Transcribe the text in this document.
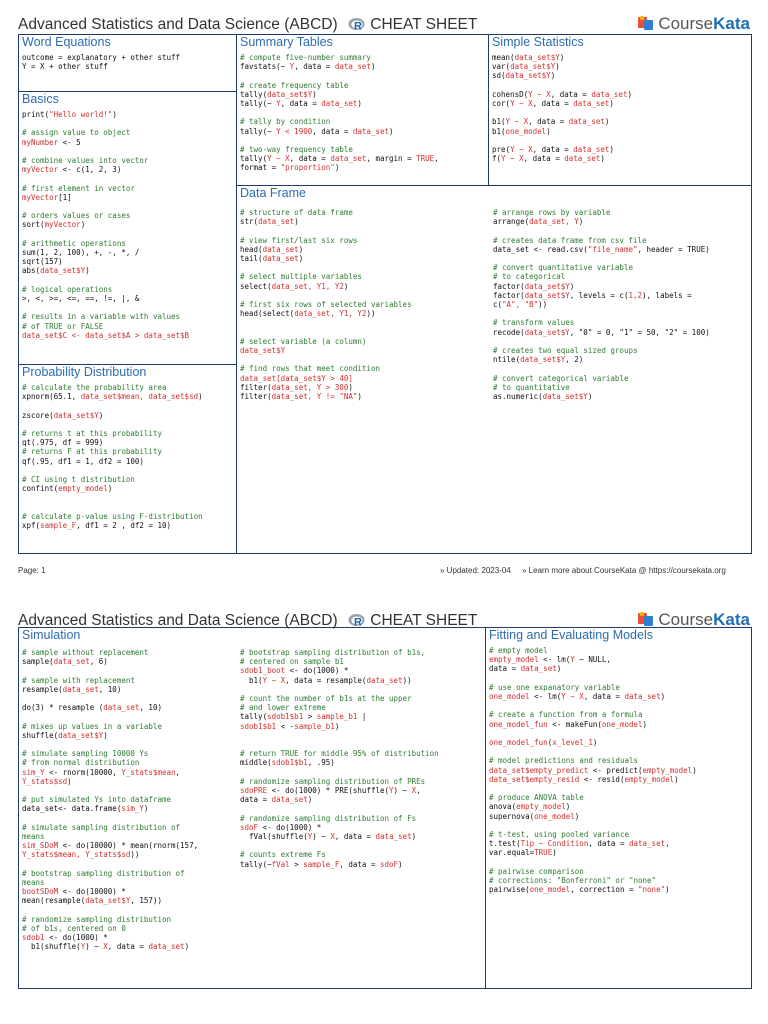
Advanced Statistics and Data Science (ABCD) R CHEAT SHEET	CourseKata
Word Equations
outcome = explanatory + other stuff
Y = X + other stuff
Basics
print("Hello world!")
# assign value to object
myNumber <- 5
# combine values into vector
myVector <- c(1, 2, 3)
# first element in vector
myVector[1]
# orders values or cases
sort(myVector)
# arithmetic operations
sum(1, 2, 100), +, -, *, /
sqrt(157)
abs(data_set$Y)
# logical operations
>, <, >=, <=, ==, !=, |, &
# results in a variable with values
# of TRUE or FALSE
data_set$C <- data_set$A > data_set$B
Probability Distribution
# calculate the probability area
xpnorm(65.1, data_set$mean, data_set$sd)
zscore(data_set$Y)
# returns t at this probability
qt(.975, df = 999)
# returns F at this probability
qf(.95, df1 = 1, df2 = 100)
# CI using t distribution
confint(empty_model)
# calculate p-value using F-distribution
xpf(sample_F, df1 = 2 , df2 = 10)
Summary Tables
# compute five-number summary
favstats(~ Y, data = data_set)
# create frequency table
tally(data_set$Y)
tally(~ Y, data = data_set)
# tally by condition
tally(~ Y < 1900, data = data_set)
# two-way frequency table
tally(Y ~ X, data = data_set, margin = TRUE,
format = "proportion")
Simple Statistics
mean(data_set$Y)
var(data_set$Y)
sd(data_set$Y)
cohensD(Y ~ X, data = data_set)
cor(Y ~ X, data = data_set)
b1(Y ~ X, data = data_set)
b1(one_model)
pre(Y ~ X, data = data_set)
f(Y ~ X, data = data_set)
Data Frame
# structure of data frame
str(data_set)
# view first/last six rows
head(data_set)
tail(data_set)
# select multiple variables
select(data_set, Y1, Y2)
# first six rows of selected variables
head(select(data_set, Y1, Y2))
# select variable (a column)
data_set$Y
# find rows that meet condition
data_set[data_set$Y > 40]
filter(data_set, Y > 300)
filter(data_set, Y != "NA")
# arrange rows by variable
arrange(data_set, Y)
# creates data frame from csv file
data_set <- read.csv("file_name", header = TRUE)
# convert quantitative variable
# to categorical
factor(data_set$Y)
factor(data_set$Y, levels = c(1,2), labels =
c("A", "B"))
# transform values
recode(data_set$Y, "0" = 0, "1" = 50, "2" = 100)
# creates two equal sized groups
ntile(data_set$Y, 2)
# convert categorical variable
# to quantitative
as.numeric(data_set$Y)
Page: 1	» Updated: 2023-04 » Learn more about CourseKata @ https://coursekata.org
Advanced Statistics and Data Science (ABCD) R CHEAT SHEET	CourseKata
Simulation
# sample without replacement
sample(data_set, 6)
# sample with replacement
resample(data_set, 10)
do(3) * resample (data_set, 10)
# mixes up values in a variable
shuffle(data_set$Y)
# simulate sampling 10000 Ys
# from normal distribution
sim_Y <- rnorm(10000, Y_stats$mean,
Y_stats$sd)
# put simulated Ys into dataframe
data_set<- data.frame(sim_Y)
# simulate sampling distribution of
means
sim_SDoM <- do(10000) * mean(rnorm(157,
Y_stats$mean, Y_stats$sd))
# bootstrap sampling distribution of
means
bootSDoM <- do(10000) *
mean(resample(data_set$Y, 157))
# randomize sampling distribution
# of b1s, centered on 0
sdob1 <- do(1000) *
b1(shuffle(Y) ~ X, data = data_set)
# bootstrap sampling distribution of b1s,
# centered on sample b1
sdob1_boot <- do(1000) *
b1(Y ~ X, data = resample(data_set))
# count the number of b1s at the upper
# and lower extreme
tally(sdob1$b1 > sample_b1 |
sdob1$b1 < -sample_b1)
# return TRUE for middle 95% of distribution
middle(sdob1$b1, .95)
# randomize sampling distribution of PREs
sdoPRE <- do(1000) * PRE(shuffle(Y) ~ X,
data = data_set)
# randomize sampling distribution of Fs
sdoF <- do(1000) *
fVal(shuffle(Y) ~ X, data = data_set)
# counts extreme Fs
tally(~fVal > sample_F, data = sdoF)
Fitting and Evaluating Models
# empty model
empty_model <- lm(Y ~ NULL,
data = data_set)
# use one expanatory variable
one_model <- lm(Y ~ X, data = data_set)
# create a function from a formula
one_model_fun <- makeFun(one_model)
one_model_fun(x_level_1)
# model predictions and residuals
data_set$empty_predict <- predict(empty_model)
data_set$empty_resid <- resid(empty_model)
# produce ANOVA table
anova(empty_model)
supernova(one_model)
# t-test, using pooled variance
t.test(Tip ~ Condition, data = data_set,
var.equal=TRUE)
# pairwise comparison
# corrections: "Bonferroni" or "none"
pairwise(one_model, correction = "none")
